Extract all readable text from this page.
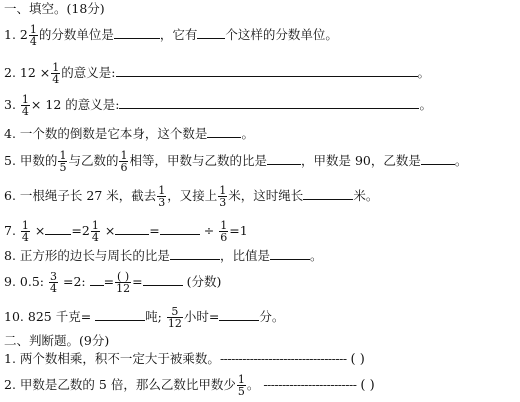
一、填空。(18分)
1. $2 \frac{1}{4}$ 的分数单位是	，它有 个这样的分数单位。
2. $12 \times \frac{1}{4}$ 的意义是:	。
3. $\frac{1}{4} \times 12$ 的意义是:	。
4. 一个数的倒数是它本身，这个数是	。
5. 甲数的 $\frac{1}{5}$ 与乙数的 $\frac{1}{6}$ 相等，甲数与乙数的比是	，甲数是 90，乙数是	。
6. 一根绳子长 27 米，截去 $\frac{1}{3}$ ，又接上 $\frac{1}{3}$ 米，这时绳长	米。
7. $\frac{1}{4} \times =2 \frac{1}{4}$ ×	=	÷ $\frac{1}{6} =1$
8. 正方形的边长与周长的比是	，比值是	。
9. 0.5: $\frac{3}{4} =2$: = $\frac{( )}{12}$ =	(分数)
10. 825 千克=	吨; $\frac{5}{12}$ 小时=	分。
二、判断题。(9分)
1. 两个数相乘，积不一定大于被乘数。---------------------------------- ( )
2. 甲数是乙数的 5 倍，那么乙数比甲数少 $\frac{1}{5}$ 。 ------------------------- ( )
